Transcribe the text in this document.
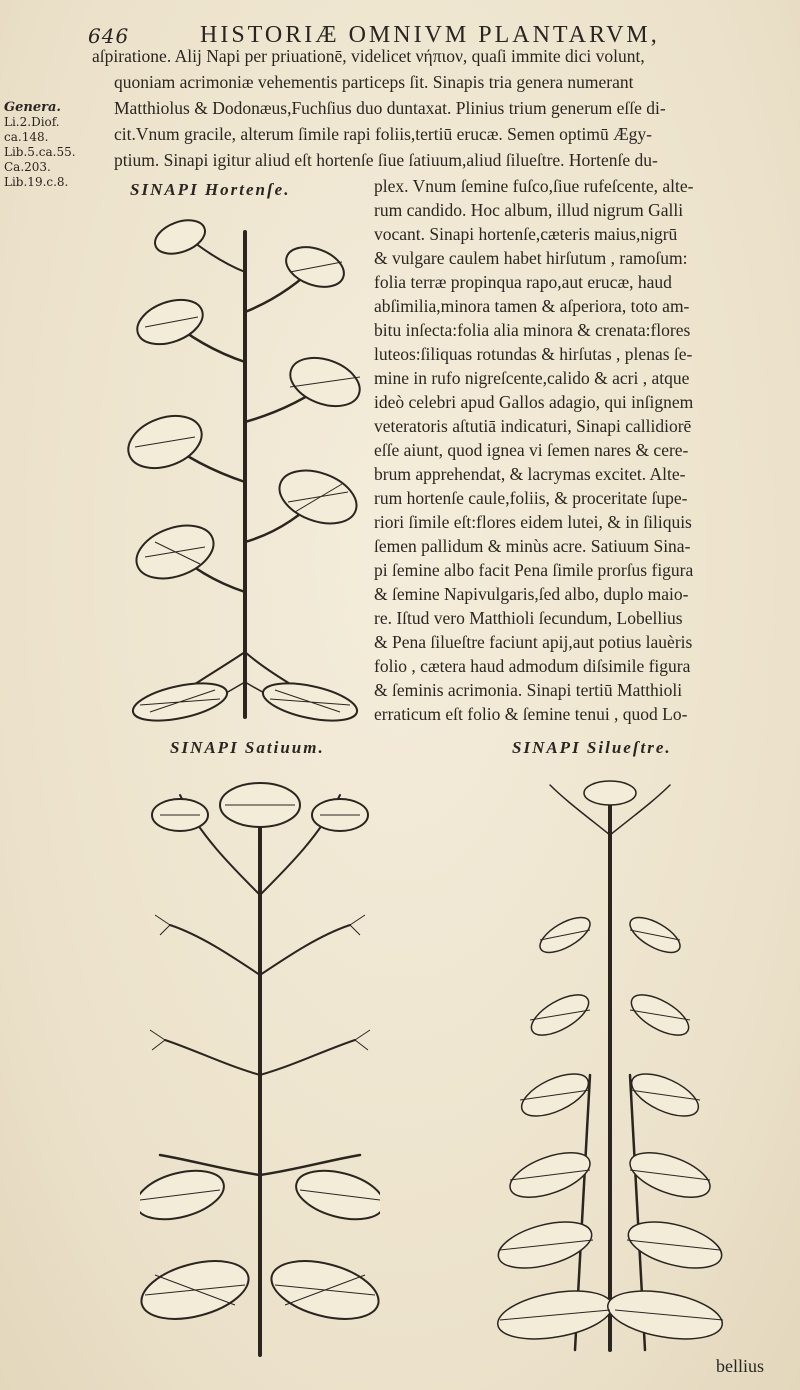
646	HISTORIÆ OMNIVM PLANTARVM,
Genera.
Li.2.Diof.
ca.148.
Lib.5.ca.55.
Ca.203.
Lib.19.c.8.
aſpiratione. Alij Napi per priuationē, videlicet νήπιον, quaſi immite dici volunt,
quoniam acrimoniæ vehementis particeps ſit. Sinapis tria genera numerant
Matthiolus & Dodonæus,Fuchſius duo duntaxat. Plinius trium generum eſſe di-
cit.Vnum gracile, alterum ſimile rapi foliis,tertiū erucæ. Semen optimū Ægy-
ptium. Sinapi igitur aliud eſt hortenſe ſiue ſatiuum,aliud ſilueſtre. Hortenſe du-
plex. Vnum ſemine fuſco,ſiue rufeſcente, alte-
rum candido. Hoc album, illud nigrum Galli
vocant. Sinapi hortenſe,cæteris maius,nigrū
& vulgare caulem habet hirſutum , ramoſum:
folia terræ propinqua rapo,aut erucæ, haud
abſimilia,minora tamen & aſperiora, toto am-
bitu inſecta:folia alia minora & crenata:flores
luteos:ſiliquas rotundas & hirſutas , plenas ſe-
mine in rufo nigreſcente,calido & acri , atque
ideò celebri apud Gallos adagio, qui inſignem
veteratoris aſtutiā indicaturi, Sinapi callidiorē
eſſe aiunt, quod ignea vi ſemen nares & cere-
brum apprehendat, & lacrymas excitet. Alte-
rum hortenſe caule,foliis, & proceritate ſupe-
riori ſimile eſt:flores eidem lutei, & in ſiliquis
ſemen pallidum & minùs acre. Satiuum Sina-
pi ſemine albo facit Pena ſimile prorſus figura
& ſemine Napivulgaris,ſed albo, duplo maio-
re. Iſtud vero Matthioli ſecundum, Lobellius
& Pena ſilueſtre faciunt apij,aut potius lauèris
folio , cætera haud admodum diſsimile figura
& ſeminis acrimonia. Sinapi tertiū Matthioli
erraticum eſt folio & ſemine tenui , quod Lo-
SINAPI Hortenſe.
SINAPI Satiuum.	SINAPI Silueſtre.
bellius
